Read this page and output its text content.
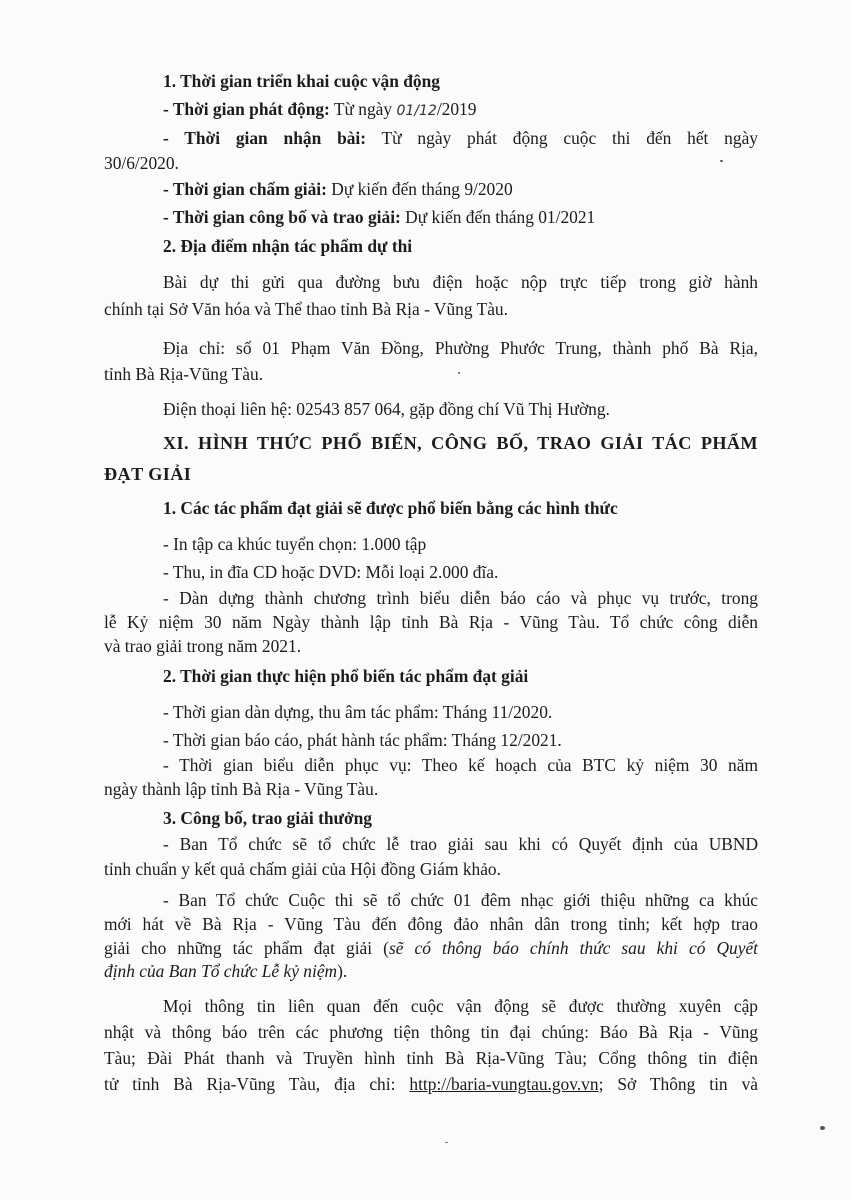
1. Thời gian triển khai cuộc vận động

- Thời gian phát động: Từ ngày 01/12/2019

- Thời gian nhận bài: Từ ngày phát động cuộc thi đến hết ngày

30/6/2020.

- Thời gian chấm giải: Dự kiến đến tháng 9/2020

- Thời gian công bố và trao giải: Dự kiến đến tháng 01/2021

2. Địa điểm nhận tác phẩm dự thi

Bài dự thi gửi qua đường bưu điện hoặc nộp trực tiếp trong giờ hành

chính tại Sở Văn hóa và Thể thao tỉnh Bà Rịa - Vũng Tàu.

Địa chỉ: số 01 Phạm Văn Đồng, Phường Phước Trung, thành phố Bà Rịa,

tỉnh Bà Rịa-Vũng Tàu.

Điện thoại liên hệ: 02543 857 064, gặp đồng chí Vũ Thị Hường.

XI. HÌNH THỨC PHỔ BIẾN, CÔNG BỐ, TRAO GIẢI TÁC PHẨM

ĐẠT GIẢI

1. Các tác phẩm đạt giải sẽ được phổ biến bằng các hình thức

- In tập ca khúc tuyển chọn: 1.000 tập

- Thu, in đĩa CD hoặc DVD: Mỗi loại 2.000 đĩa.

- Dàn dựng thành chương trình biểu diễn báo cáo và phục vụ trước, trong

lễ Kỷ niệm 30 năm Ngày thành lập tỉnh Bà Rịa - Vũng Tàu. Tổ chức công diễn

và trao giải trong năm 2021.

2. Thời gian thực hiện phổ biến tác phẩm đạt giải

- Thời gian dàn dựng, thu âm tác phẩm: Tháng 11/2020.

- Thời gian báo cáo, phát hành tác phẩm: Tháng 12/2021.

- Thời gian biểu diễn phục vụ: Theo kế hoạch của BTC kỷ niệm 30 năm

ngày thành lập tỉnh Bà Rịa - Vũng Tàu.

3. Công bố, trao giải thưởng

- Ban Tổ chức sẽ tổ chức lễ trao giải sau khi có Quyết định của UBND

tỉnh chuẩn y kết quả chấm giải của Hội đồng Giám khảo.

- Ban Tổ chức Cuộc thi sẽ tổ chức 01 đêm nhạc giới thiệu những ca khúc

mới hát về Bà Rịa - Vũng Tàu đến đông đảo nhân dân trong tỉnh; kết hợp trao

giải cho những tác phẩm đạt giải (sẽ có thông báo chính thức sau khi có Quyết

định của Ban Tổ chức Lễ kỷ niệm).

Mọi thông tin liên quan đến cuộc vận động sẽ được thường xuyên cập

nhật và thông báo trên các phương tiện thông tin đại chúng: Báo Bà Rịa - Vũng

Tàu; Đài Phát thanh và Truyền hình tỉnh Bà Rịa-Vũng Tàu; Cổng thông tin điện

tử tỉnh Bà Rịa-Vũng Tàu, địa chỉ: http://baria-vungtau.gov.vn; Sở Thông tin và
